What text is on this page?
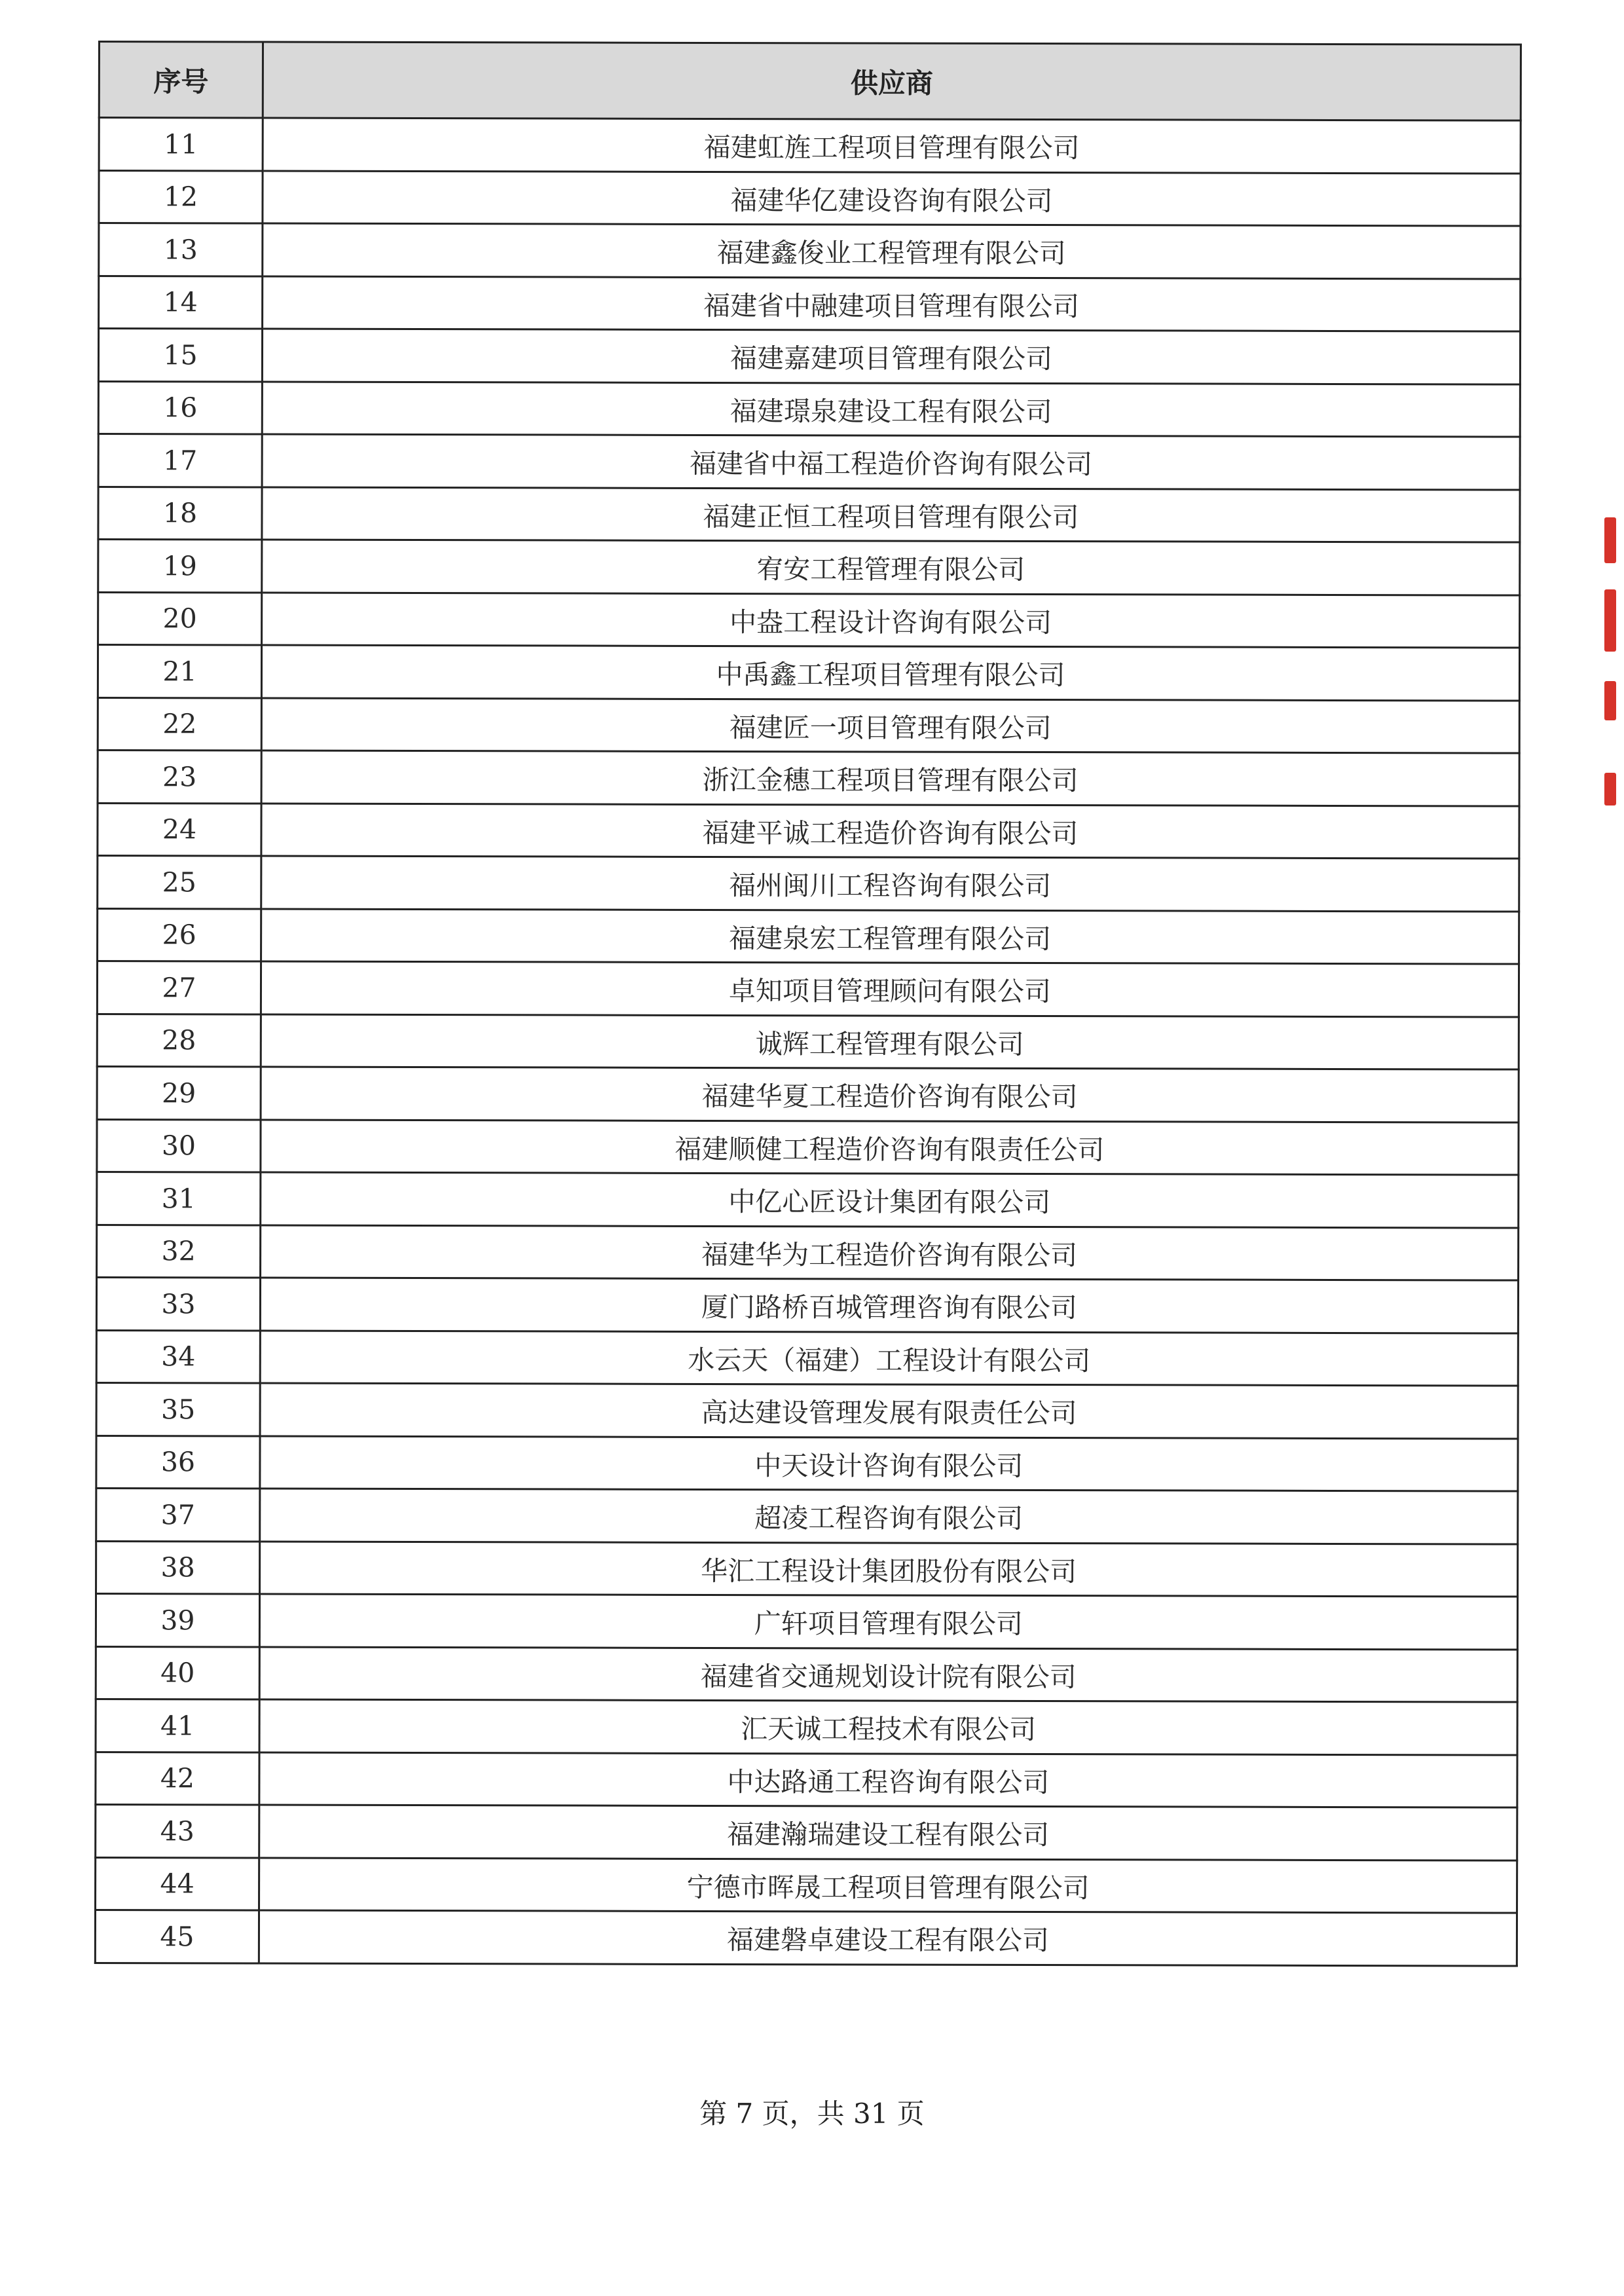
序号	供应商
11	福建虹旌工程项目管理有限公司
12	福建华亿建设咨询有限公司
13	福建鑫俊业工程管理有限公司
14	福建省中融建项目管理有限公司
15	福建嘉建项目管理有限公司
16	福建璟泉建设工程有限公司
17	福建省中福工程造价咨询有限公司
18	福建正恒工程项目管理有限公司
19	宥安工程管理有限公司
20	中盎工程设计咨询有限公司
21	中禹鑫工程项目管理有限公司
22	福建匠一项目管理有限公司
23	浙江金穗工程项目管理有限公司
24	福建平诚工程造价咨询有限公司
25	福州闽川工程咨询有限公司
26	福建泉宏工程管理有限公司
27	卓知项目管理顾问有限公司
28	诚辉工程管理有限公司
29	福建华夏工程造价咨询有限公司
30	福建顺健工程造价咨询有限责任公司
31	中亿心匠设计集团有限公司
32	福建华为工程造价咨询有限公司
33	厦门路桥百城管理咨询有限公司
34	水云天（福建）工程设计有限公司
35	高达建设管理发展有限责任公司
36	中天设计咨询有限公司
37	超凌工程咨询有限公司
38	华汇工程设计集团股份有限公司
39	广轩项目管理有限公司
40	福建省交通规划设计院有限公司
41	汇天诚工程技术有限公司
42	中达路通工程咨询有限公司
43	福建瀚瑞建设工程有限公司
44	宁德市晖晟工程项目管理有限公司
45	福建磐卓建设工程有限公司
第 7 页，共 31 页
